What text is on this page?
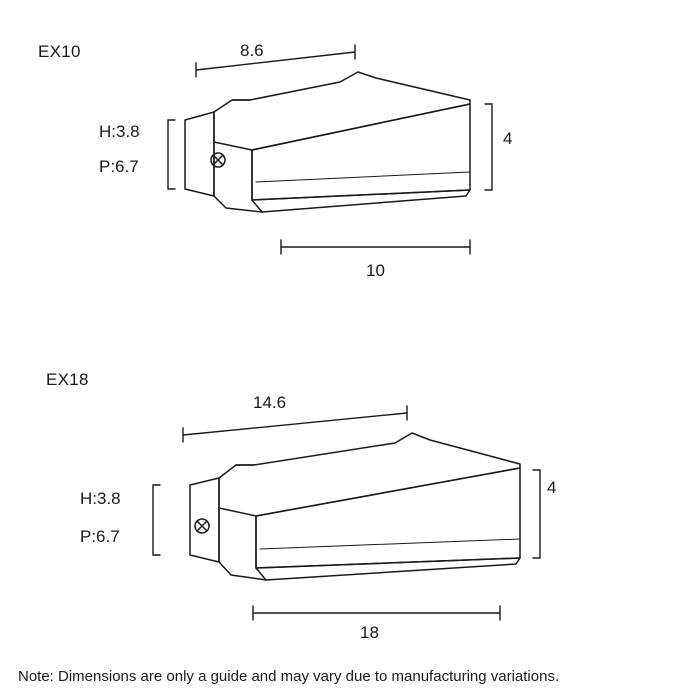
EX10	8.6
H:3.8
P:6.7
4
10
EX18
14.6
H:3.8
P:6.7
4
18
Note: Dimensions are only a guide and may vary due to manufacturing variations.
